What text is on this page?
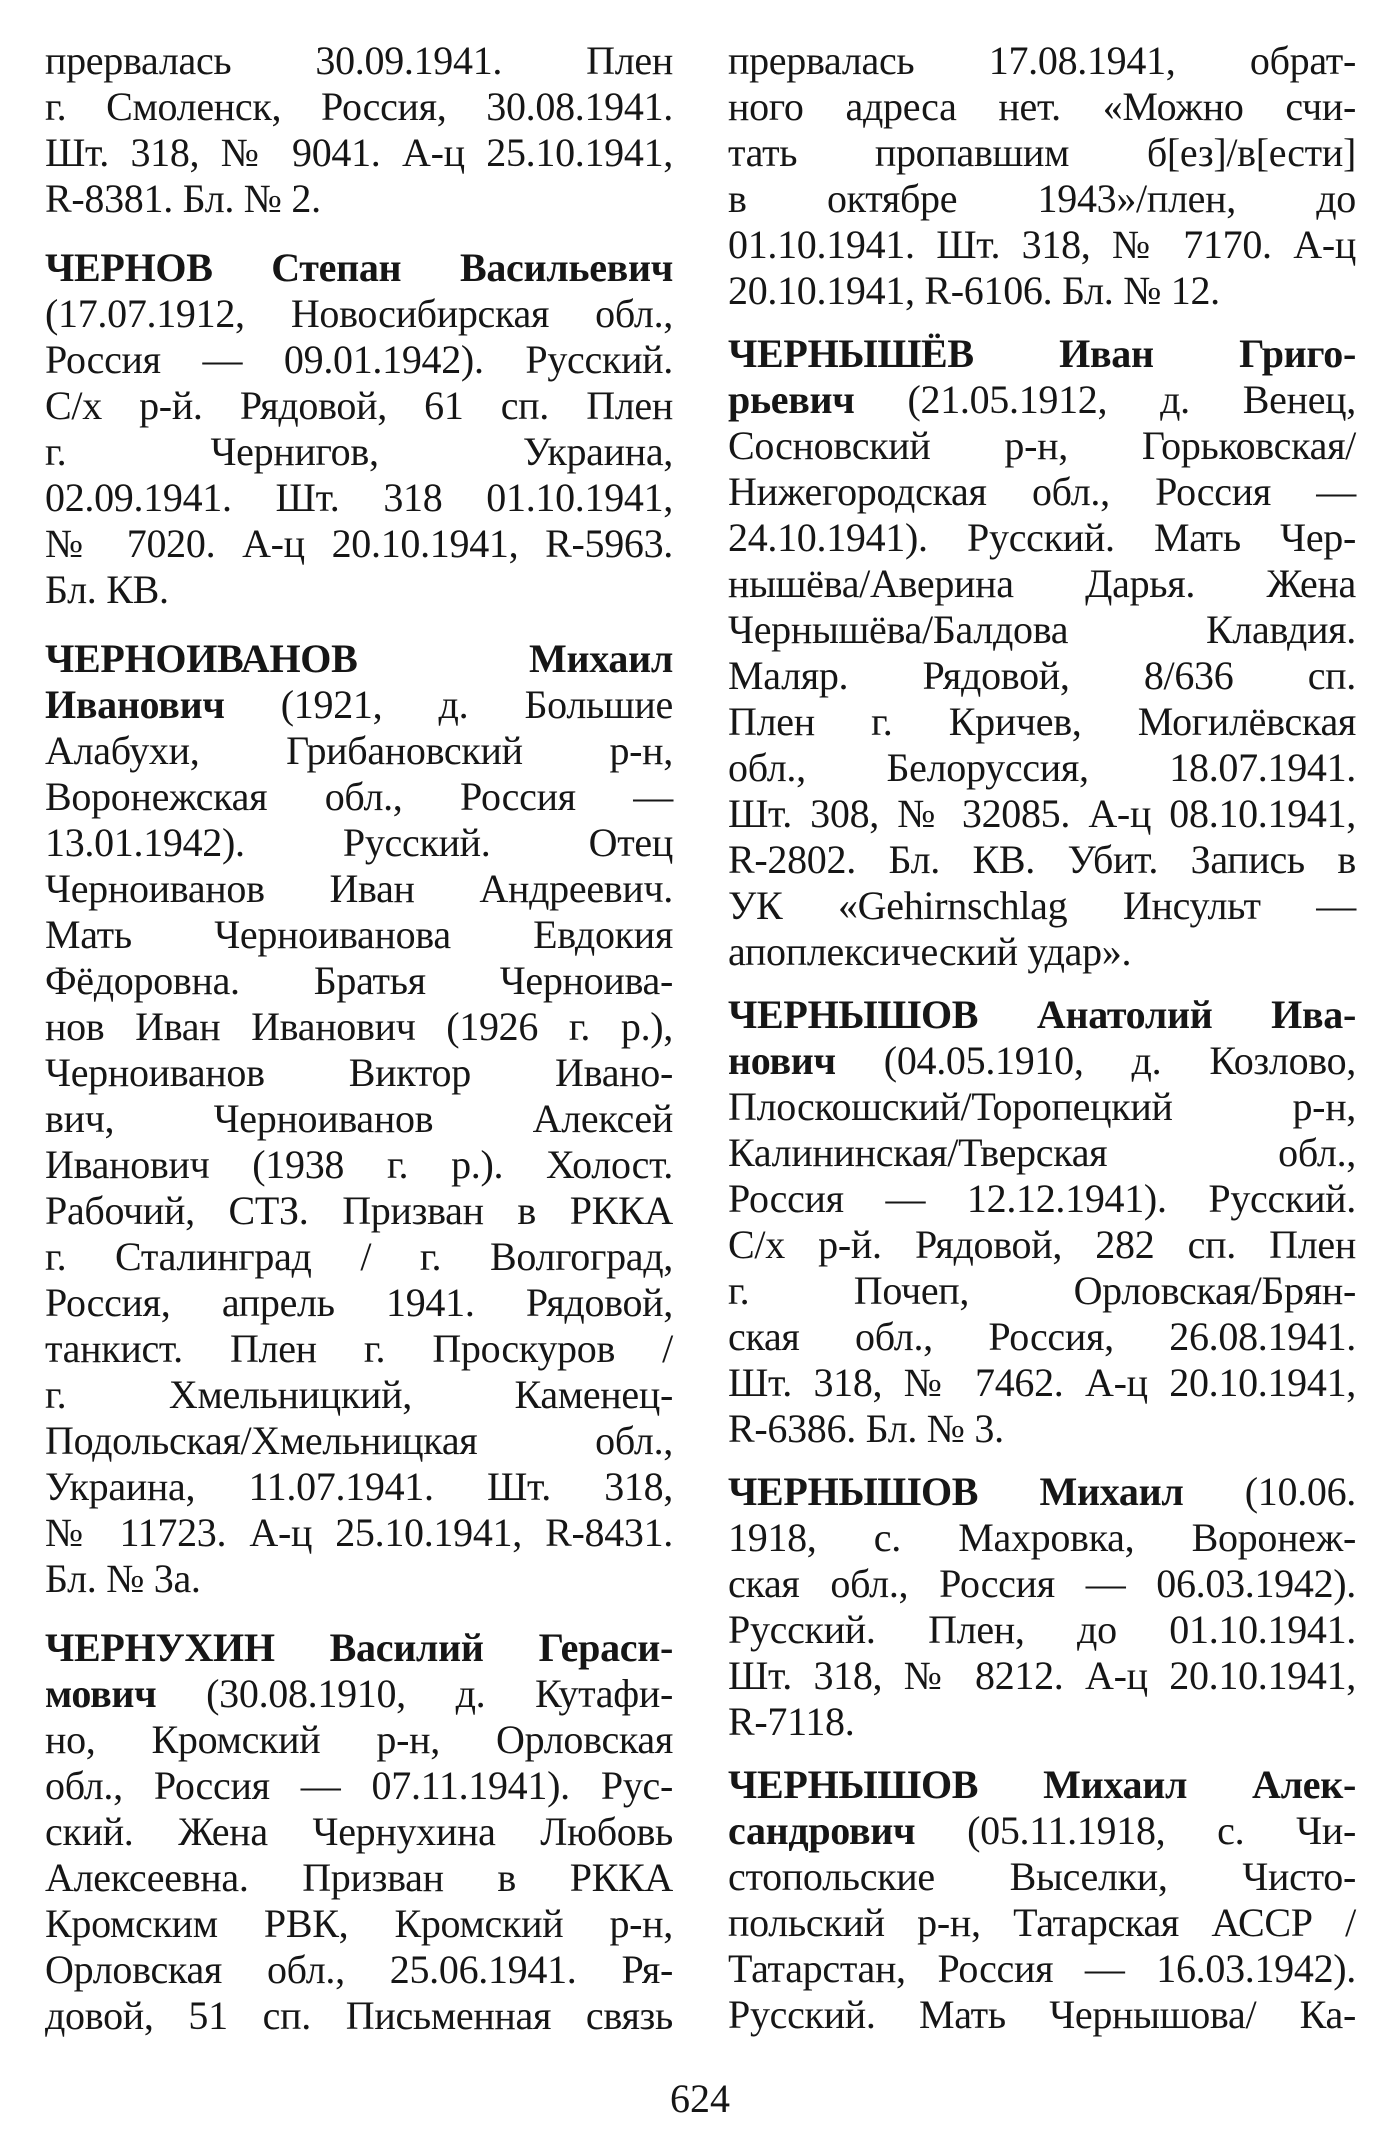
прервалась 30.09.1941. Плен
г. Смоленск, Россия, 30.08.1941.
Шт. 318, № 9041. А-ц 25.10.1941,
R-8381. Бл. № 2.
ЧЕРНОВ Степан Васильевич
(17.07.1912, Новосибирская обл.,
Россия — 09.01.1942). Русский.
С/х р-й. Рядовой, 61 сп. Плен
г. Чернигов, Украина,
02.09.1941. Шт. 318 01.10.1941,
№ 7020. А-ц 20.10.1941, R-5963.
Бл. КВ.
ЧЕРНОИВАНОВ Михаил
Иванович (1921, д. Большие
Алабухи, Грибановский р-н,
Воронежская обл., Россия —
13.01.1942). Русский. Отец
Черноиванов Иван Андреевич.
Мать Черноиванова Евдокия
Фёдоровна. Братья Черноива-
нов Иван Иванович (1926 г. р.),
Черноиванов Виктор Ивано-
вич, Черноиванов Алексей
Иванович (1938 г. р.). Холост.
Рабочий, СТЗ. Призван в РККА
г. Сталинград / г. Волгоград,
Россия, апрель 1941. Рядовой,
танкист. Плен г. Проскуров /
г. Хмельницкий, Каменец-
Подольская/Хмельницкая обл.,
Украина, 11.07.1941. Шт. 318,
№ 11723. А-ц 25.10.1941, R-8431.
Бл. № 3а.
ЧЕРНУХИН Василий Гераси-
мович (30.08.1910, д. Кутафи-
но, Кромский р-н, Орловская
обл., Россия — 07.11.1941). Рус-
ский. Жена Чернухина Любовь
Алексеевна. Призван в РККА
Кромским РВК, Кромский р-н,
Орловская обл., 25.06.1941. Ря-
довой, 51 сп. Письменная связь
прервалась 17.08.1941, обрат-
ного адреса нет. «Можно счи-
тать пропавшим б[ез]/в[ести]
в октябре 1943»/плен, до
01.10.1941. Шт. 318, № 7170. А-ц
20.10.1941, R-6106. Бл. № 12.
ЧЕРНЫШЁВ Иван Григо-
рьевич (21.05.1912, д. Венец,
Сосновский р-н, Горьковская/
Нижегородская обл., Россия —
24.10.1941). Русский. Мать Чер-
нышёва/Аверина Дарья. Жена
Чернышёва/Балдова Клавдия.
Маляр. Рядовой, 8/636 сп.
Плен г. Кричев, Могилёвская
обл., Белоруссия, 18.07.1941.
Шт. 308, № 32085. А-ц 08.10.1941,
R-2802. Бл. КВ. Убит. Запись в
УК «Gehirnschlag Инсульт —
апоплексический удар».
ЧЕРНЫШОВ Анатолий Ива-
нович (04.05.1910, д. Козлово,
Плоскошский/Торопецкий р-н,
Калининская/Тверская обл.,
Россия — 12.12.1941). Русский.
С/х р-й. Рядовой, 282 сп. Плен
г. Почеп, Орловская/Брян-
ская обл., Россия, 26.08.1941.
Шт. 318, № 7462. А-ц 20.10.1941,
R-6386. Бл. № 3.
ЧЕРНЫШОВ Михаил (10.06.
1918, с. Махровка, Воронеж-
ская обл., Россия — 06.03.1942).
Русский. Плен, до 01.10.1941.
Шт. 318, № 8212. А-ц 20.10.1941,
R-7118.
ЧЕРНЫШОВ Михаил Алек-
сандрович (05.11.1918, с. Чи-
стопольские Выселки, Чисто-
польский р-н, Татарская АССР /
Татарстан, Россия — 16.03.1942).
Русский. Мать Чернышова/ Ка-
624
